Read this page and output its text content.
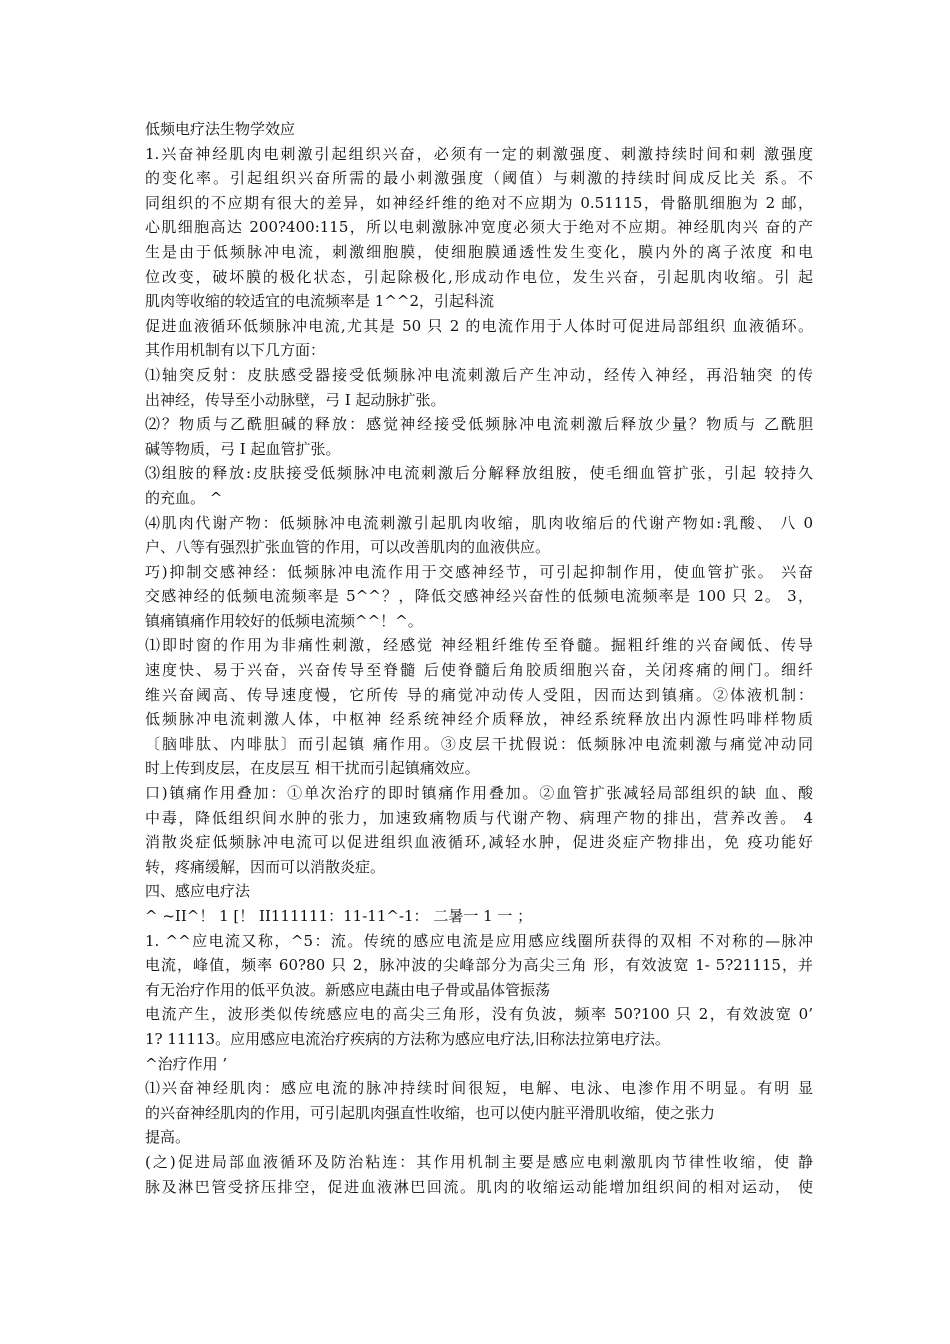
低频电疗法生物学效应
1.兴奋神经肌肉电刺激引起组织兴奋，必须有一定的刺激强度、刺激持续时间和刺 激强度
的变化率。引起组织兴奋所需的最小刺激强度（阈值）与刺激的持续时间成反比关 系。不
同组织的不应期有很大的差异，如神经纤维的绝对不应期为 0.51115，骨骼肌细胞为 2 邮，
心肌细胞高达 200?400:115，所以电刺激脉冲宽度必须大于绝对不应期。神经肌肉兴 奋的产
生是由于低频脉冲电流，刺激细胞膜，使细胞膜通透性发生变化，膜内外的离子浓度 和电
位改变，破坏膜的极化状态，引起除极化,形成动作电位，发生兴奋，引起肌肉收缩。引 起
肌肉等收缩的较适宜的电流频率是 1^^2，引起科流
促进血液循环低频脉冲电流,尤其是 50 只 2 的电流作用于人体时可促进局部组织 血液循环。
其作用机制有以下几方面：
⑴轴突反射：皮肤感受器接受低频脉冲电流刺激后产生冲动，经传入神经，再沿轴突 的传
出神经，传导至小动脉壁，弓 I 起动脉扩张。
⑵？物质与乙酰胆碱的释放：感觉神经接受低频脉冲电流刺激后释放少量？物质与 乙酰胆
碱等物质，弓 I 起血管扩张。
⑶组胺的释放:皮肤接受低频脉冲电流刺激后分解释放组胺，使毛细血管扩张，引起 较持久
的充血。 ^
⑷肌肉代谢产物：低频脉冲电流刺激引起肌肉收缩，肌肉收缩后的代谢产物如:乳酸、 八 0
户、八等有强烈扩张血管的作用，可以改善肌肉的血液供应。
巧)抑制交感神经：低频脉冲电流作用于交感神经节，可引起抑制作用，使血管扩张。 兴奋
交感神经的低频电流频率是 5^^？，降低交感神经兴奋性的低频电流频率是 100 只 2。 3，
镇痛镇痛作用较好的低频电流频^^！^。
⑴即时窗的作用为非痛性刺激，经感觉 神经粗纤维传至脊髓。掘粗纤维的兴奋阈低、传导
速度快、易于兴奋，兴奋传导至脊髓 后使脊髓后角胶质细胞兴奋，关闭疼痛的闸门。细纤
维兴奋阈高、传导速度慢，它所传 导的痛觉冲动传人受阻，因而达到镇痛。②体液机制：
低频脉冲电流刺激人体，中枢神 经系统神经介质释放，神经系统释放出内源性吗啡样物质
〔脑啡肽、内啡肽〕而引起镇 痛作用。③皮层干扰假说：低频脉冲电流刺激与痛觉冲动同
时上传到皮层，在皮层互 相干扰而引起镇痛效应。
口)镇痛作用叠加：①单次治疗的即时镇痛作用叠加。②血管扩张减轻局部组织的缺 血、酸
中毒，降低组织间水肿的张力，加速致痛物质与代谢产物、病理产物的排出，营养改善。 4
消散炎症低频脉冲电流可以促进组织血液循环,减轻水肿，促进炎症产物排出，免 疫功能好
转，疼痛缓解，因而可以消散炎症。
四、感应电疗法
^ ~II^！ 1 [！ II111111：11-11^-1： 二暑一 1 一 ；
1. ^^应电流又称，^5：流。传统的感应电流是应用感应线圈所获得的双相 不对称的—脉冲
电流，峰值，频率 60?80 只 2，脉冲波的尖峰部分为高尖三角 形，有效波宽 1- 5?21115，并
有无治疗作用的低平负波。新感应电蔬由电子骨或晶体管振荡
电流产生，波形类似传统感应电的高尖三角形，没有负波，频率 50?100 只 2，有效波宽 0’
1? 11113。应用感应电流治疗疾病的方法称为感应电疗法,旧称法拉第电疗法。
^治疗作用 ’
⑴兴奋神经肌肉：感应电流的脉冲持续时间很短，电解、电泳、电渗作用不明显。有明 显
的兴奋神经肌肉的作用，可引起肌肉强直性收缩，也可以使内脏平滑肌收缩，使之张力
提高。
(之)促进局部血液循环及防治粘连：其作用机制主要是感应电刺激肌肉节律性收缩，使 静
脉及淋巴管受挤压排空，促进血液淋巴回流。肌肉的收缩运动能增加组织间的相对运动， 使
